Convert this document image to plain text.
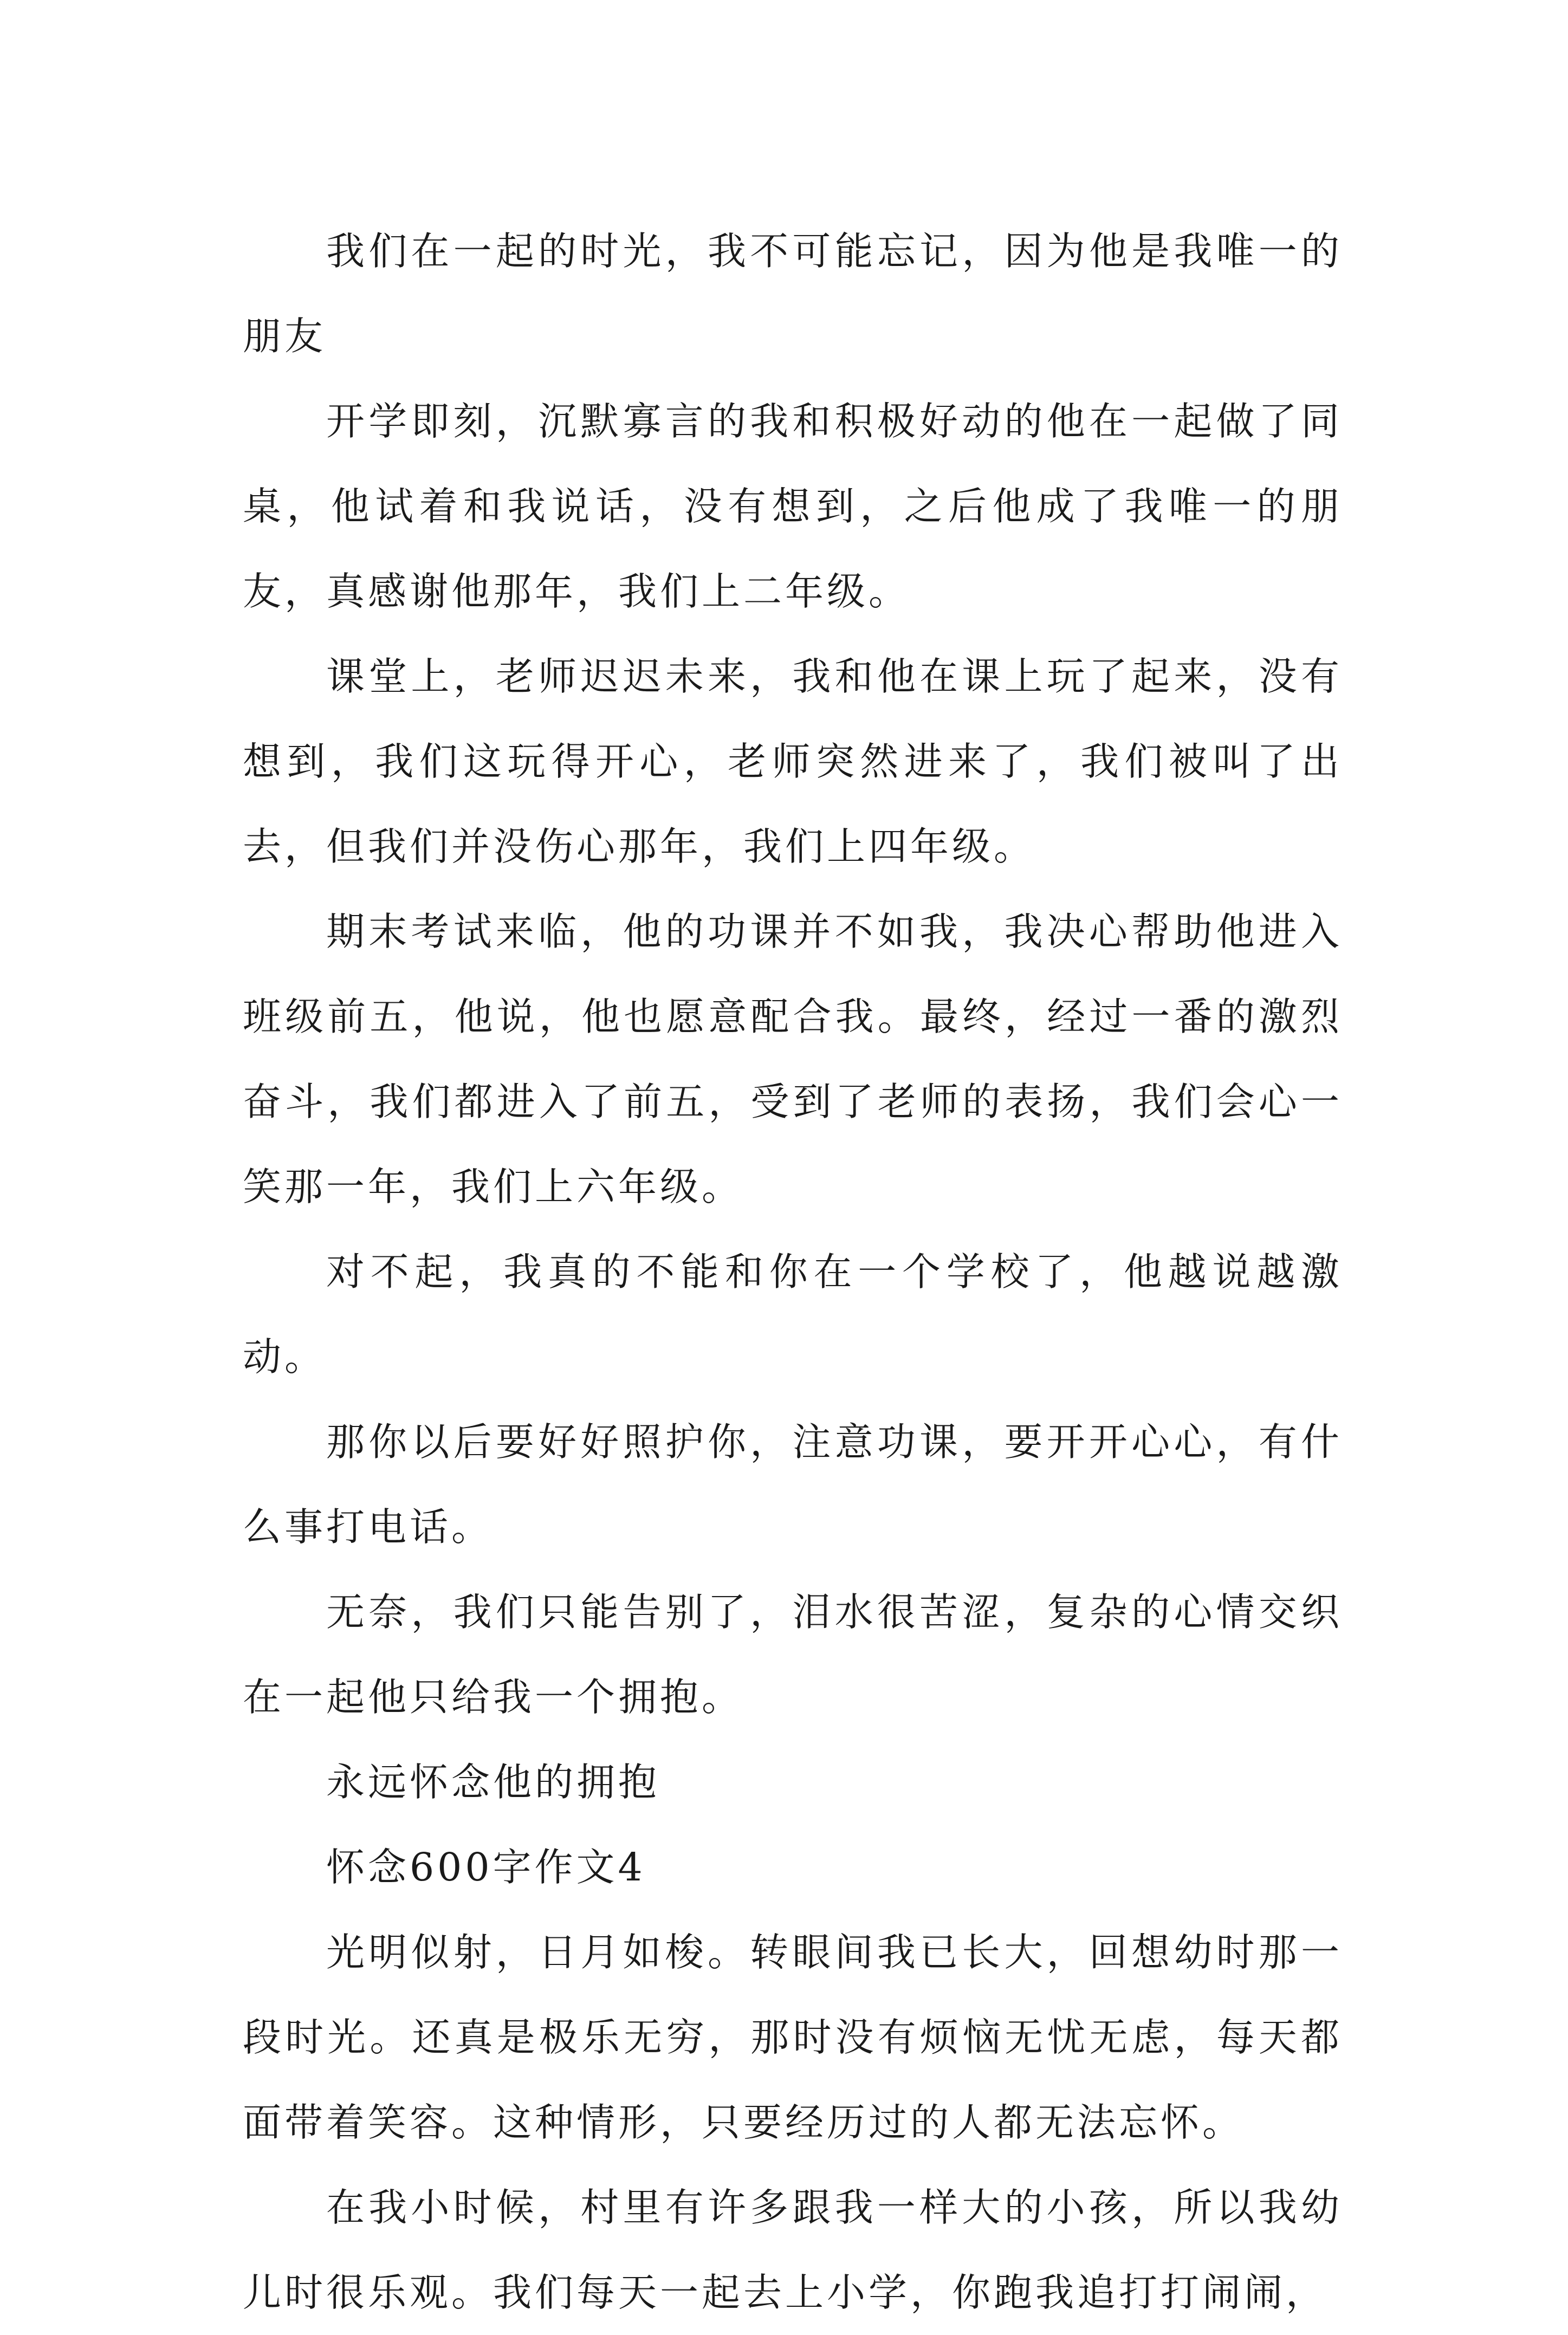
我们在一起的时光，我不可能忘记，因为他是我唯一的朋友

开学即刻，沉默寡言的我和积极好动的他在一起做了同桌，他试着和我说话，没有想到，之后他成了我唯一的朋友，真感谢他那年，我们上二年级。

课堂上，老师迟迟未来，我和他在课上玩了起来，没有想到，我们这玩得开心，老师突然进来了，我们被叫了出去，但我们并没伤心那年，我们上四年级。

期末考试来临，他的功课并不如我，我决心帮助他进入班级前五，他说，他也愿意配合我。最终，经过一番的激烈奋斗，我们都进入了前五，受到了老师的表扬，我们会心一笑那一年，我们上六年级。

对不起，我真的不能和你在一个学校了，他越说越激动。

那你以后要好好照护你，注意功课，要开开心心，有什么事打电话。

无奈，我们只能告别了，泪水很苦涩，复杂的心情交织在一起他只给我一个拥抱。

永远怀念他的拥抱

怀念600字作文4

光明似射，日月如梭。转眼间我已长大，回想幼时那一段时光。还真是极乐无穷，那时没有烦恼无忧无虑，每天都面带着笑容。这种情形，只要经历过的人都无法忘怀。

在我小时候，村里有许多跟我一样大的小孩，所以我幼儿时很乐观。我们每天一起去上小学，你跑我追打打闹闹，
